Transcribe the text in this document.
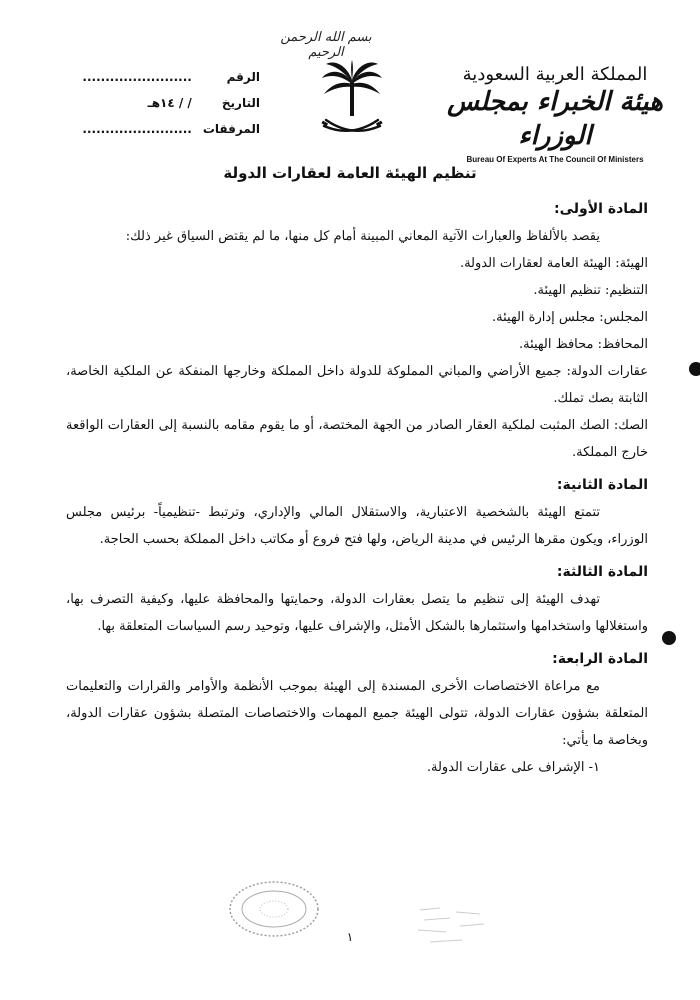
بسم الله الرحمن الرحيم
الرقم ........................
التاريخ / / ١٤هـ
المرفقات ........................
المملكة العربية السعودية
هيئة الخبراء بمجلس الوزراء
Bureau Of Experts At The Council Of Ministers
تنظيم الهيئة العامة لعقارات الدولة

المادة الأولى:

يقصد بالألفاظ والعبارات الآتية المعاني المبينة أمام كل منها، ما لم يقتض السياق غير ذلك:

الهيئة: الهيئة العامة لعقارات الدولة.

التنظيم: تنظيم الهيئة.

المجلس: مجلس إدارة الهيئة.

المحافظ: محافظ الهيئة.

عقارات الدولة: جميع الأراضي والمباني المملوكة للدولة داخل المملكة وخارجها المنفكة عن الملكية الخاصة، الثابتة بصك تملك.

الصك: الصك المثبت لملكية العقار الصادر من الجهة المختصة، أو ما يقوم مقامه بالنسبة إلى العقارات الواقعة خارج المملكة.

المادة الثانية:

تتمتع الهيئة بالشخصية الاعتبارية، والاستقلال المالي والإداري، وترتبط -تنظيمياً- برئيس مجلس الوزراء، ويكون مقرها الرئيس في مدينة الرياض، ولها فتح فروع أو مكاتب داخل المملكة بحسب الحاجة.

المادة الثالثة:

تهدف الهيئة إلى تنظيم ما يتصل بعقارات الدولة، وحمايتها والمحافظة عليها، وكيفية التصرف بها، واستغلالها واستخدامها واستثمارها بالشكل الأمثل، والإشراف عليها، وتوحيد رسم السياسات المتعلقة بها.

المادة الرابعة:

مع مراعاة الاختصاصات الأخرى المسندة إلى الهيئة بموجب الأنظمة والأوامر والقرارات والتعليمات المتعلقة بشؤون عقارات الدولة، تتولى الهيئة جميع المهمات والاختصاصات المتصلة بشؤون عقارات الدولة، وبخاصة ما يأتي:

١- الإشراف على عقارات الدولة.

١
